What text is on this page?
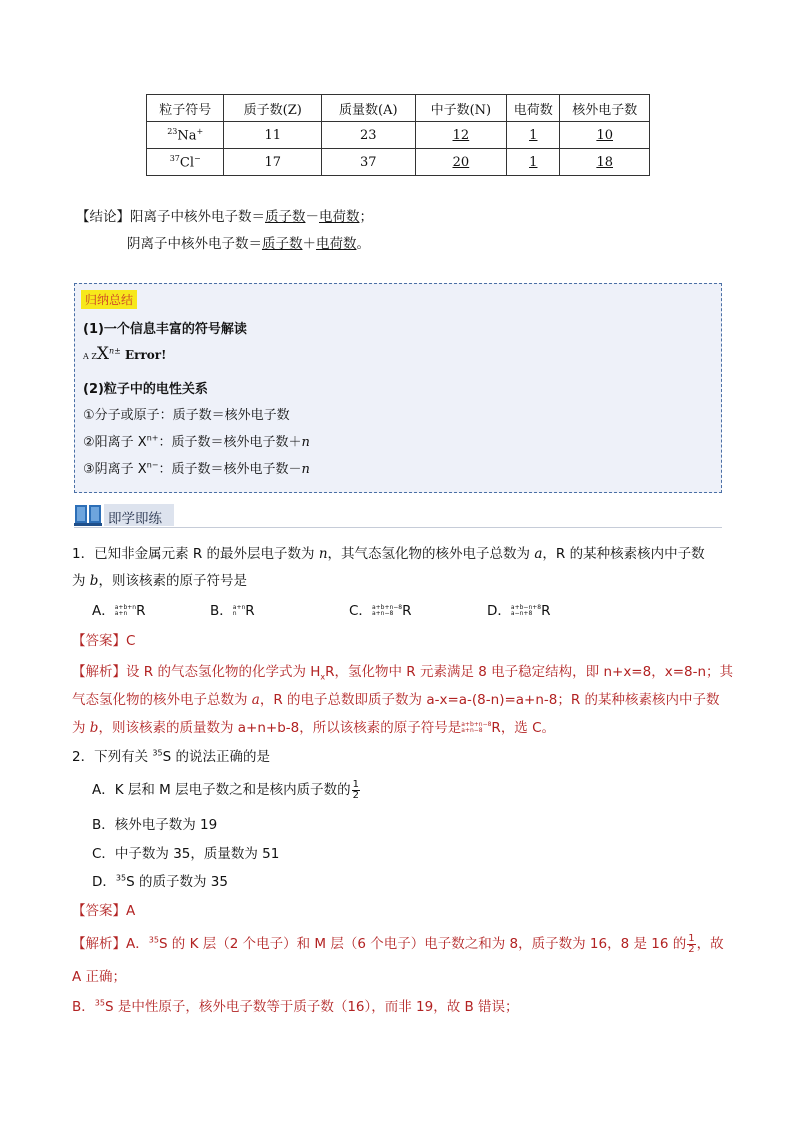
粒子符号	质子数(Z)	质量数(A)	中子数(N)	电荷数	核外电子数
$^{23}$Na+	11	23	12	1	10
$^{37}$Cl−	17	37	20	1	18
【结论】阳离子中核外电子数＝质子数－电荷数；
阴离子中核外电子数＝质子数＋电荷数。
归纳总结
(1)一个信息丰富的符号解读
A $ZX^{n\pm}$ Error!
(2)粒子中的电性关系
①分子或原子：质子数＝核外电子数
②阳离子 $X^{n+}$：质子数＝核外电子数＋n
③阴离子 $X^{n-}$：质子数＝核外电子数－n
即学即练
1．已知非金属元素 R 的最外层电子数为 n，其气态氢化物的核外电子总数为 a，R 的某种核素核内中子数
为 b，则该核素的原子符号是
A．a+b+n
a+n R	B．a+n
n R	C．a+b+n−8
a+n−8 R	D．a+b−n+8
a−n+8 R
【答案】C
【解析】设 R 的气态氢化物的化学式为 $H_xR$，氢化物中 R 元素满足 8 电子稳定结构，即 n+x=8，x=8-n；其
气态氢化物的核外电子总数为 a，R 的电子总数即质子数为 a-x=a-(8-n)=a+n-8；R 的某种核素核内中子数
为 b，则该核素的质量数为 a+n+b-8，所以该核素的原子符号是a+b+n−8
a+n−8 R，选 C。
2．下列有关 $^{35}$S 的说法正确的是
A．K 层和 M 层电子数之和是核内质子数的 $\frac{1}{2}$
B．核外电子数为 19
C．中子数为 35，质量数为 51
D．$^{35}$S 的质子数为 35
【答案】A
【解析】A．$^{35}$S 的 K 层（2 个电子）和 M 层（6 个电子）电子数之和为 8，质子数为 16，8 是 16 的 $\frac{1}{2}$ ，故
A 正确；
B．$^{35}$S 是中性原子，核外电子数等于质子数（16），而非 19，故 B 错误；
